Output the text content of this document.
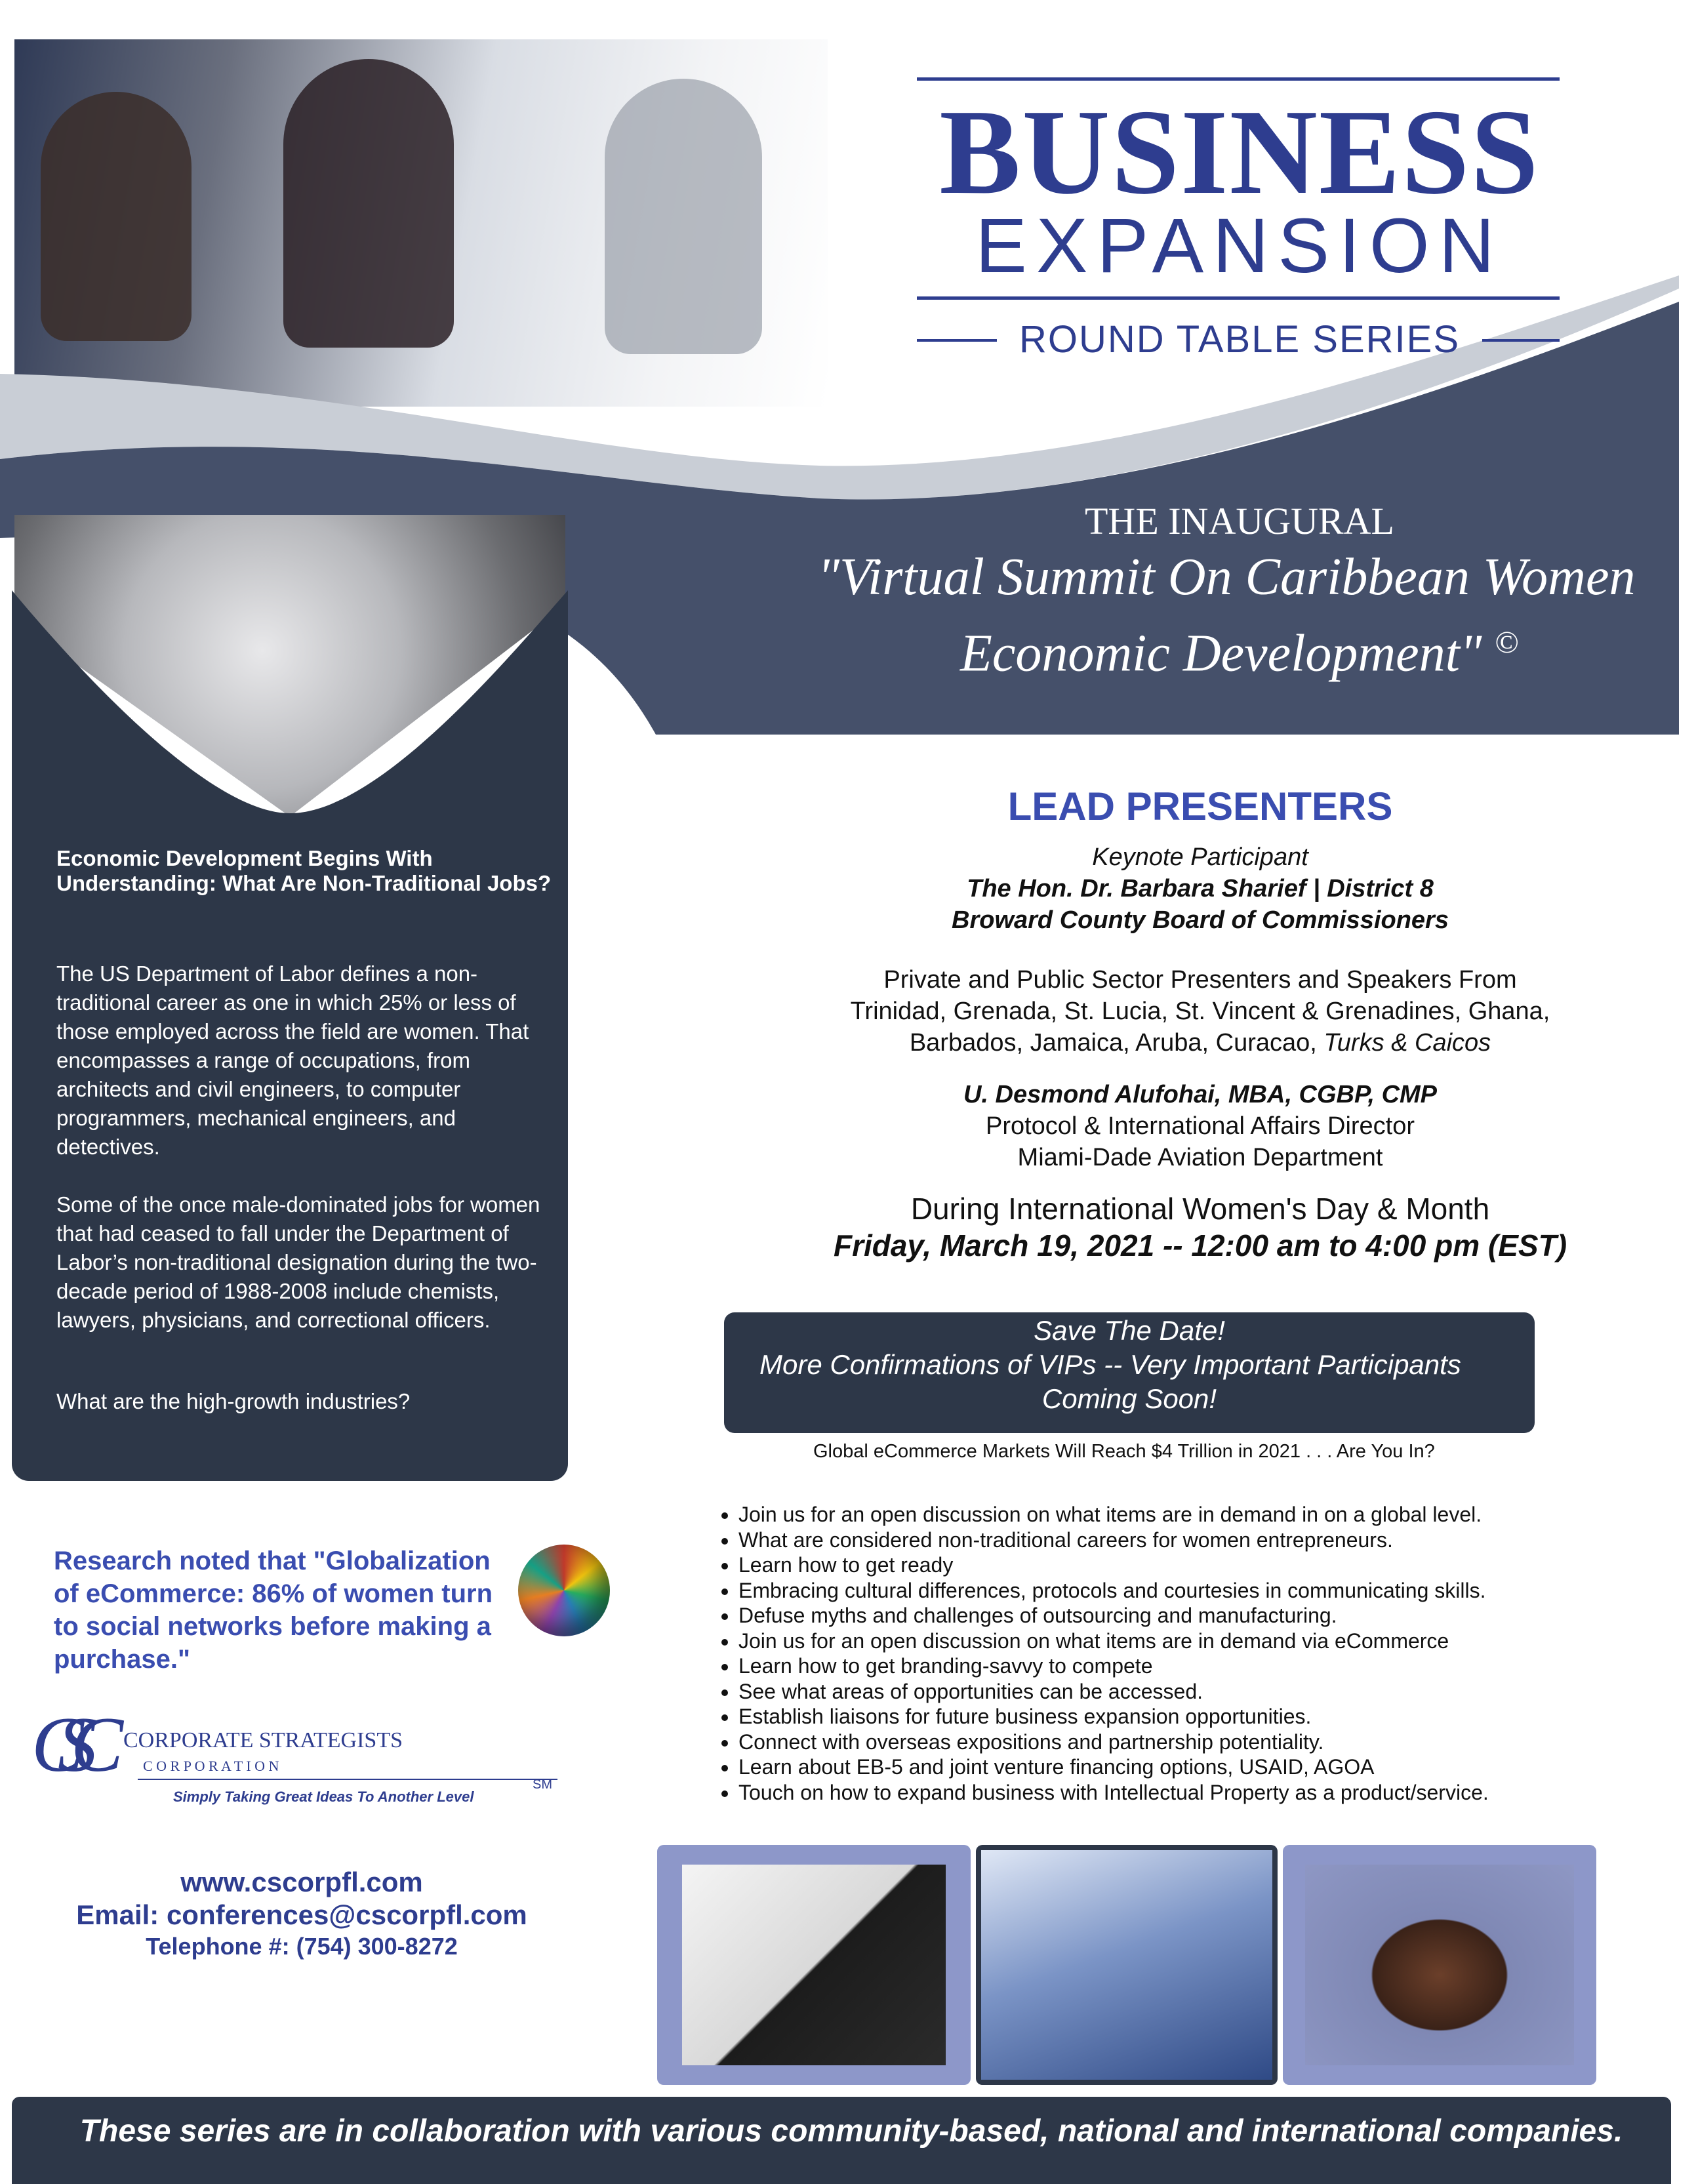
Economic Development Begins With Understanding: What Are Non-Traditional Jobs?
The US Department of Labor defines a non-traditional career as one in which 25% or less of those employed across the field are women. That encompasses a range of occupations, from architects and civil engineers, to computer programmers, mechanical engineers, and detectives.
Some of the once male-dominated jobs for women that had ceased to fall under the Department of Labor’s non-traditional designation during the two-decade period of 1988-2008 include chemists, lawyers, physicians, and correctional officers.
What are the high-growth industries?
BUSINESS
EXPANSION
ROUND TABLE SERIES
THE INAUGURAL
"Virtual Summit On Caribbean Women
Economic Development" ©
LEAD PRESENTERS
Keynote Participant
The Hon. Dr. Barbara Sharief | District 8
Broward County Board of Commissioners
Private and Public Sector Presenters and Speakers From
Trinidad, Grenada, St. Lucia, St. Vincent & Grenadines, Ghana,
Barbados, Jamaica, Aruba, Curacao, Turks & Caicos
U. Desmond Alufohai, MBA, CGBP, CMP
Protocol & International Affairs Director
Miami-Dade Aviation Department
During International Women's Day & Month
Friday, March 19, 2021 -- 12:00 am to 4:00 pm (EST)
Save The Date!
More Confirmations of VIPs -- Very Important Participants
Coming Soon!
Global eCommerce Markets Will Reach $4 Trillion in 2021 . . . Are You In?
• Join us for an open discussion on what items are in demand in on a global level.
• What are considered non-traditional careers for women entrepreneurs.
• Learn how to get ready
• Embracing cultural differences, protocols and courtesies in communicating skills.
• Defuse myths and challenges of outsourcing and manufacturing.
• Join us for an open discussion on what items are in demand via eCommerce
• Learn how to get branding-savvy to compete
• See what areas of opportunities can be accessed.
• Establish liaisons for future business expansion opportunities.
• Connect with overseas expositions and partnership potentiality.
• Learn about EB-5 and joint venture financing options, USAID, AGOA
• Touch on how to expand business with Intellectual Property as a product/service.
Research noted that "Globalization of eCommerce: 86% of women turn to social networks before making a purchase."
CSC	CORPORATE STRATEGISTS
C O R P O R A T I O N
Simply Taking Great Ideas To Another Level
SM
www.cscorpfl.com
Email: conferences@cscorpfl.com
Telephone #: (754) 300-8272
These series are in collaboration with various community-based, national and international companies.
